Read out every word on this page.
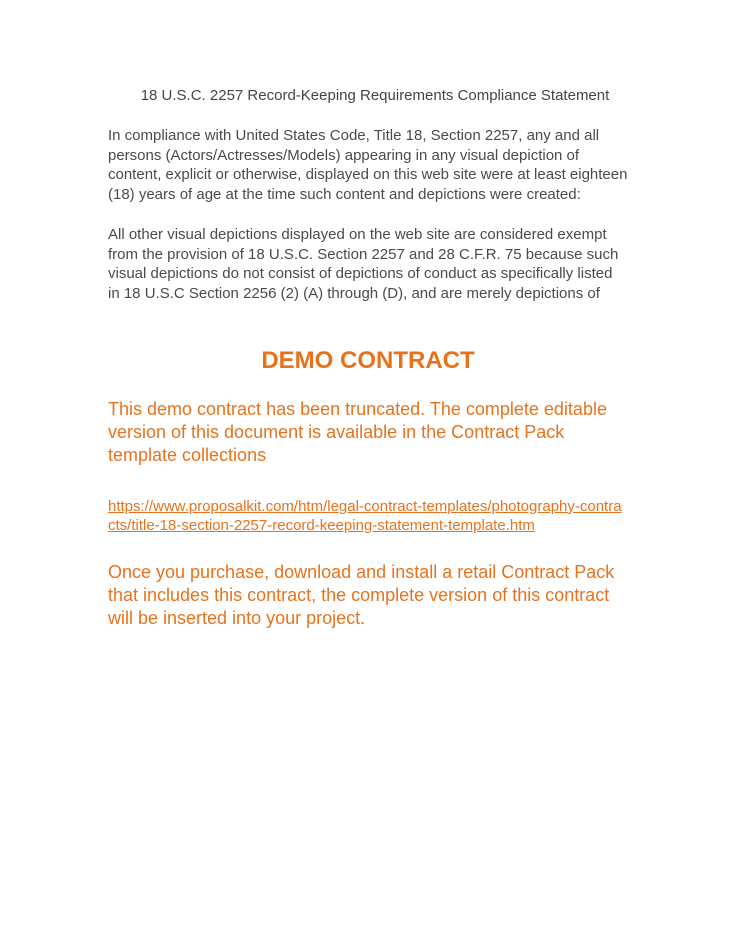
18 U.S.C. 2257 Record-Keeping Requirements Compliance Statement

In compliance with United States Code, Title 18, Section 2257, any and all persons (Actors/Actresses/Models) appearing in any visual depiction of content, explicit or otherwise, displayed on this web site were at least eighteen (18) years of age at the time such content and depictions were created:

All other visual depictions displayed on the web site are considered exempt from the provision of 18 U.S.C. Section 2257 and 28 C.F.R. 75 because such visual depictions do not consist of depictions of conduct as specifically listed in 18 U.S.C Section 2256 (2) (A) through (D), and are merely depictions of

DEMO CONTRACT

This demo contract has been truncated. The complete editable version of this document is available in the Contract Pack template collections

https://www.proposalkit.com/htm/legal-contract-templates/photography-contracts/title-18-section-2257-record-keeping-statement-template.htm

Once you purchase, download and install a retail Contract Pack that includes this contract, the complete version of this contract will be inserted into your project.
